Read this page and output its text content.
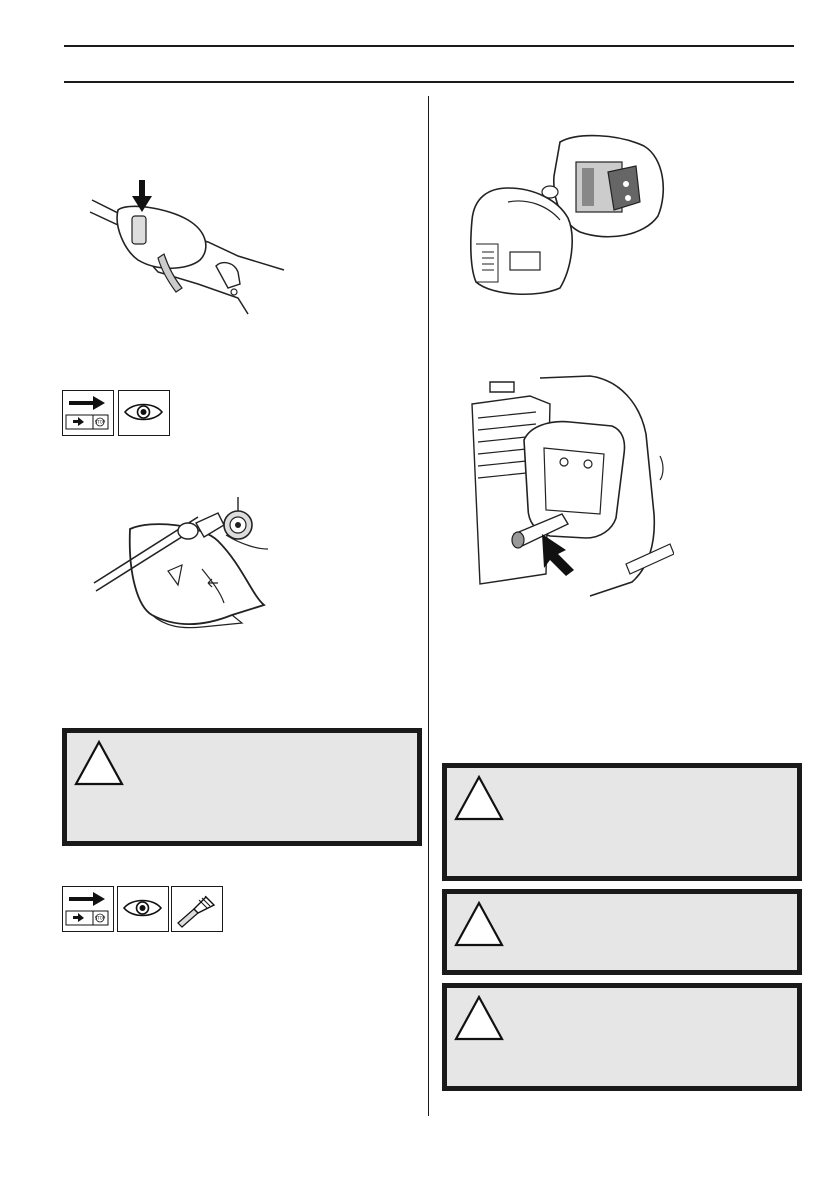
STOP
STOP
